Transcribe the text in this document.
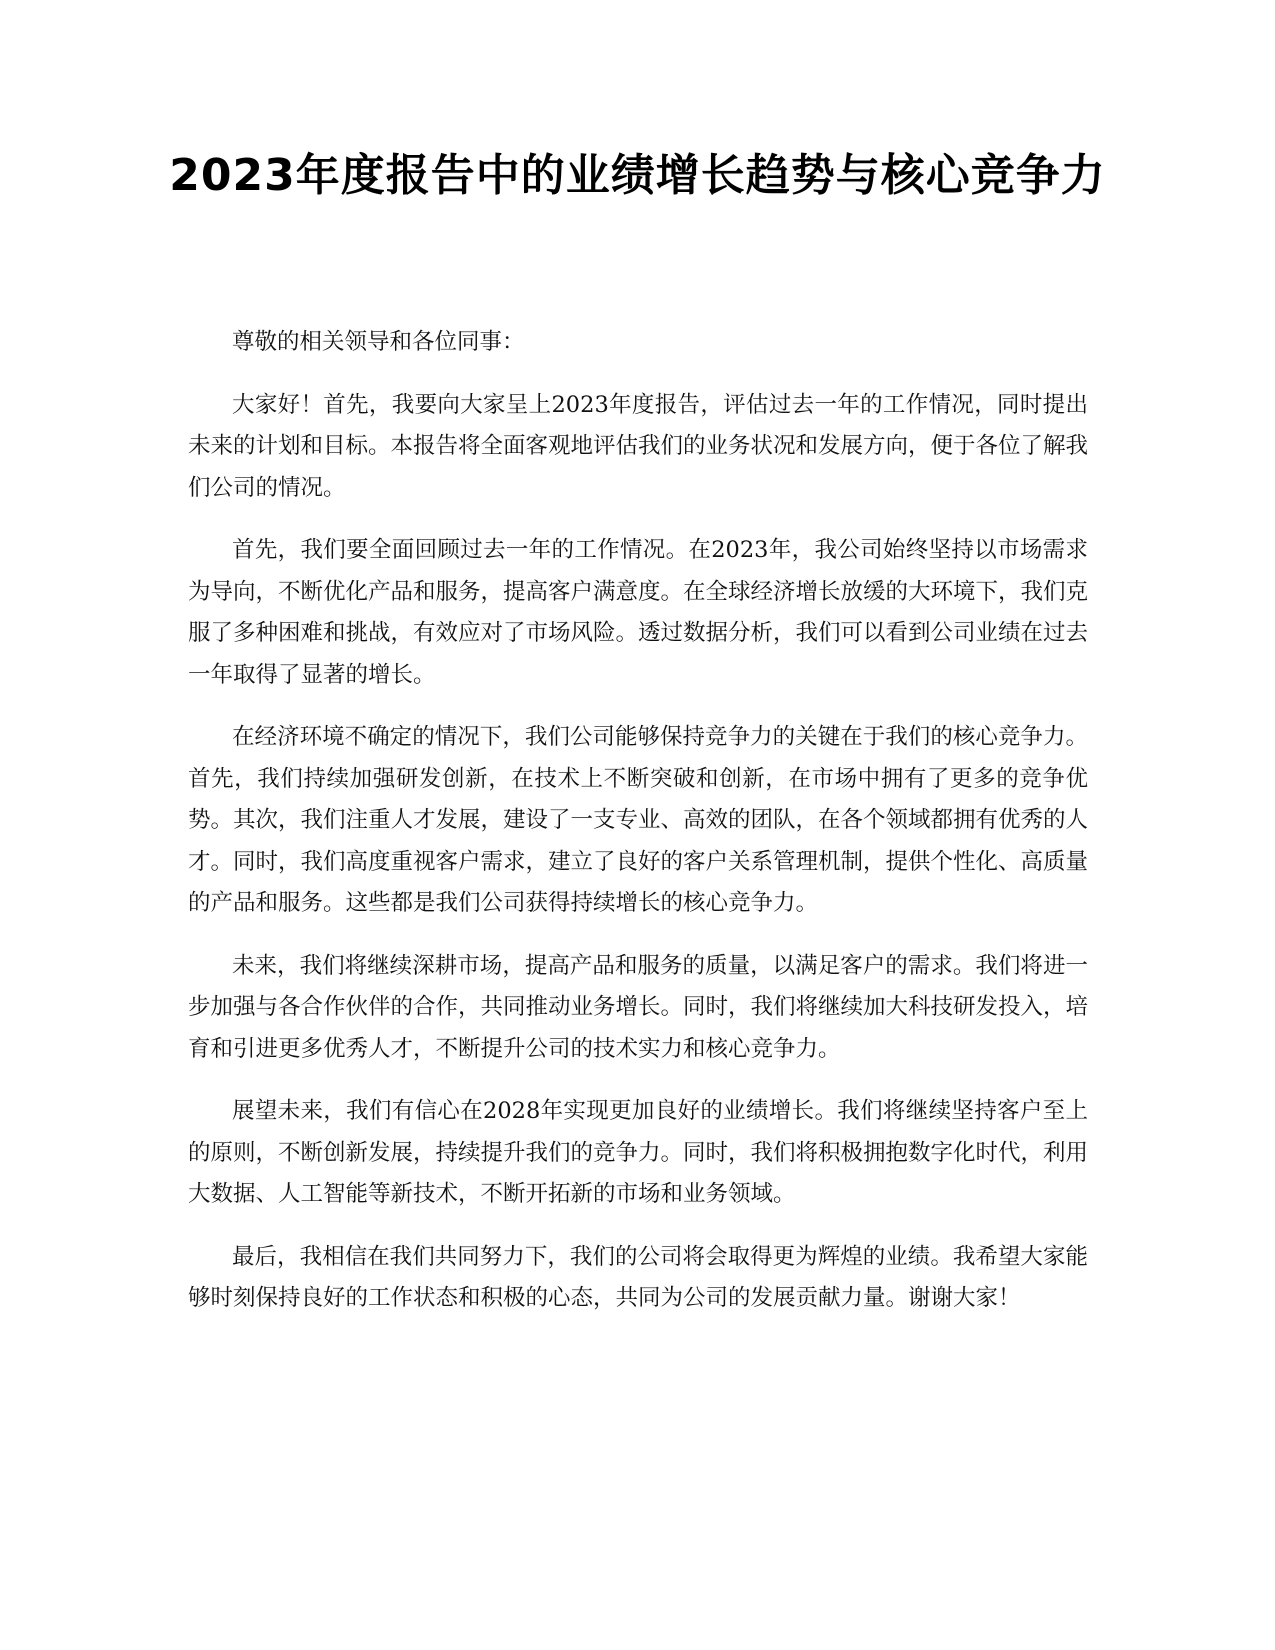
2023年度报告中的业绩增长趋势与核心竞争力

尊敬的相关领导和各位同事：

大家好！首先，我要向大家呈上2023年度报告，评估过去一年的工作情况，同时提出未来的计划和目标。本报告将全面客观地评估我们的业务状况和发展方向，便于各位了解我们公司的情况。

首先，我们要全面回顾过去一年的工作情况。在2023年，我公司始终坚持以市场需求为导向，不断优化产品和服务，提高客户满意度。在全球经济增长放缓的大环境下，我们克服了多种困难和挑战，有效应对了市场风险。透过数据分析，我们可以看到公司业绩在过去一年取得了显著的增长。

在经济环境不确定的情况下，我们公司能够保持竞争力的关键在于我们的核心竞争力。首先，我们持续加强研发创新，在技术上不断突破和创新，在市场中拥有了更多的竞争优势。其次，我们注重人才发展，建设了一支专业、高效的团队，在各个领域都拥有优秀的人才。同时，我们高度重视客户需求，建立了良好的客户关系管理机制，提供个性化、高质量的产品和服务。这些都是我们公司获得持续增长的核心竞争力。

未来，我们将继续深耕市场，提高产品和服务的质量，以满足客户的需求。我们将进一步加强与各合作伙伴的合作，共同推动业务增长。同时，我们将继续加大科技研发投入，培育和引进更多优秀人才，不断提升公司的技术实力和核心竞争力。

展望未来，我们有信心在2028年实现更加良好的业绩增长。我们将继续坚持客户至上的原则，不断创新发展，持续提升我们的竞争力。同时，我们将积极拥抱数字化时代，利用大数据、人工智能等新技术，不断开拓新的市场和业务领域。

最后，我相信在我们共同努力下，我们的公司将会取得更为辉煌的业绩。我希望大家能够时刻保持良好的工作状态和积极的心态，共同为公司的发展贡献力量。谢谢大家！
